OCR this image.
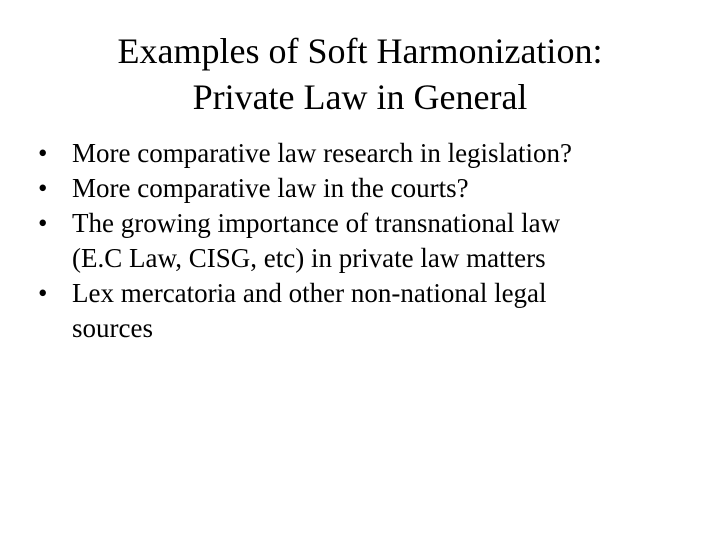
Examples of Soft Harmonization:
Private Law in General
• More comparative law research in legislation?
• More comparative law in the courts?
• The growing importance of transnational law
(E.C Law, CISG, etc) in private law matters
• Lex mercatoria and other non-national legal
sources
